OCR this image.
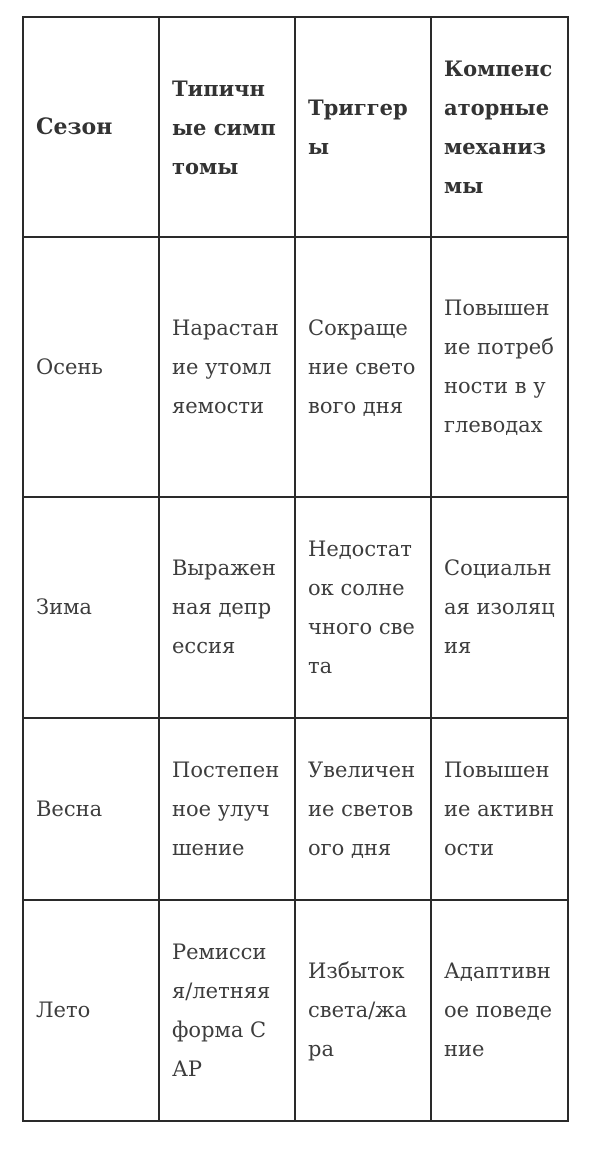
Сезон	Типичные симптомы	Триггеры	Компенсаторные механизмы
Осень	Нарастание утомляемости	Сокращение светового дня	Повышение потребности в углеводах
Зима	Выраженная депрессия	Недостаток солнечного света	Социальная изоляция
Весна	Постепенное улучшение	Увеличение светового дня	Повышение активности
Лето	Ремиссия/летняя форма САР	Избыток света/жара	Адаптивное поведение
